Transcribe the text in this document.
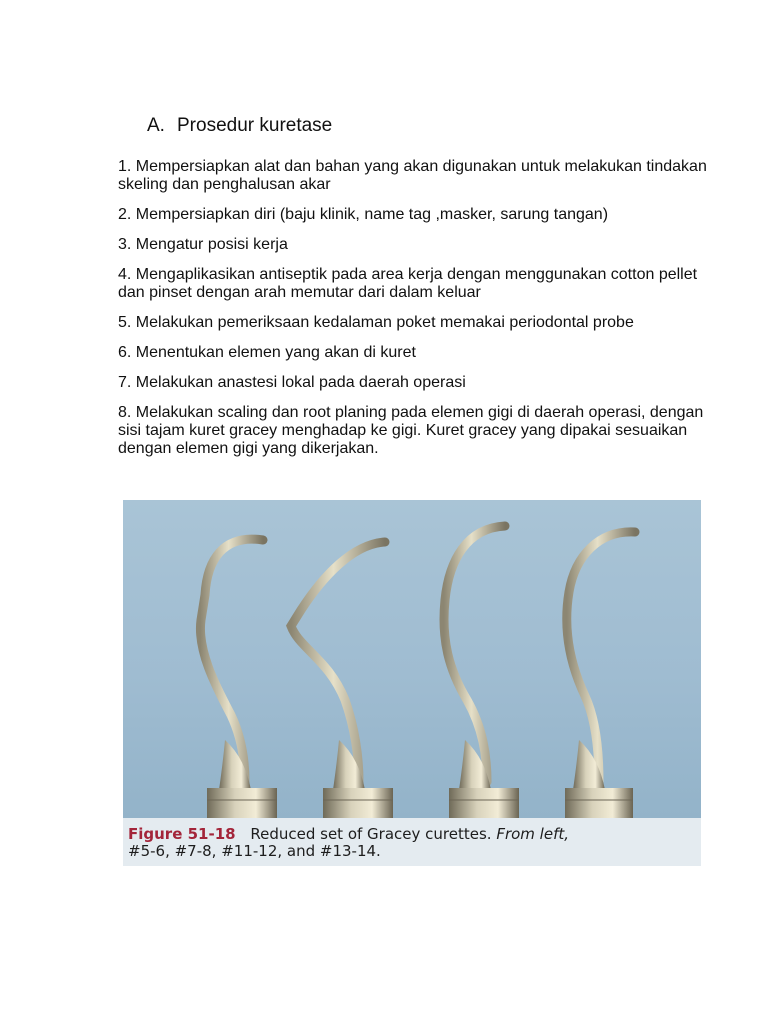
A. Prosedur kuretase
1. Mempersiapkan alat dan bahan yang akan digunakan untuk melakukan tindakan skeling dan penghalusan akar
2. Mempersiapkan diri (baju klinik, name tag ,masker, sarung tangan)
3. Mengatur posisi kerja
4. Mengaplikasikan antiseptik pada area kerja dengan menggunakan cotton pellet dan pinset dengan arah memutar dari dalam keluar
5. Melakukan pemeriksaan kedalaman poket memakai periodontal probe
6. Menentukan elemen yang akan di kuret
7. Melakukan anastesi lokal pada daerah operasi
8. Melakukan scaling dan root planing pada elemen gigi di daerah operasi, dengan sisi tajam kuret gracey menghadap ke gigi. Kuret gracey yang dipakai sesuaikan dengan elemen gigi yang dikerjakan.

Figure 51-18 Reduced set of Gracey curettes. From left,
#5-6, #7-8, #11-12, and #13-14.
